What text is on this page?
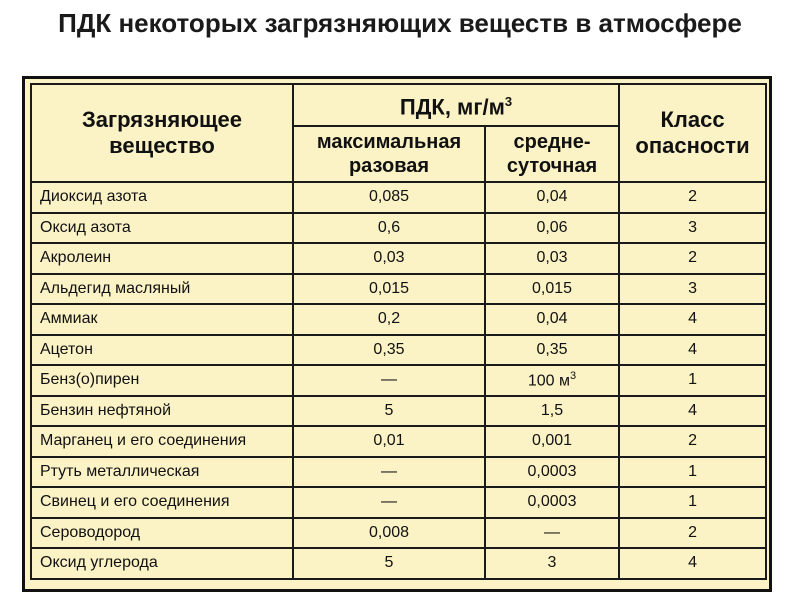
ПДК некоторых загрязняющих веществ в атмосфере
Загрязняющее вещество	ПДК, $мг/м^3$		Класс опасности
	максимальная разовая	средне-суточная	
Диоксид азота	0,085	0,04	2
Оксид азота	0,6	0,06	3
Акролеин	0,03	0,03	2
Альдегид масляный	0,015	0,015	3
Аммиак	0,2	0,04	4
Ацетон	0,35	0,35	4
Бенз(о)пирен	—	100 $м^3$	1
Бензин нефтяной	5	1,5	4
Марганец и его соединения	0,01	0,001	2
Ртуть металлическая	—	0,0003	1
Свинец и его соединения	—	0,0003	1
Сероводород	0,008	—	2
Оксид углерода	5	3	4
